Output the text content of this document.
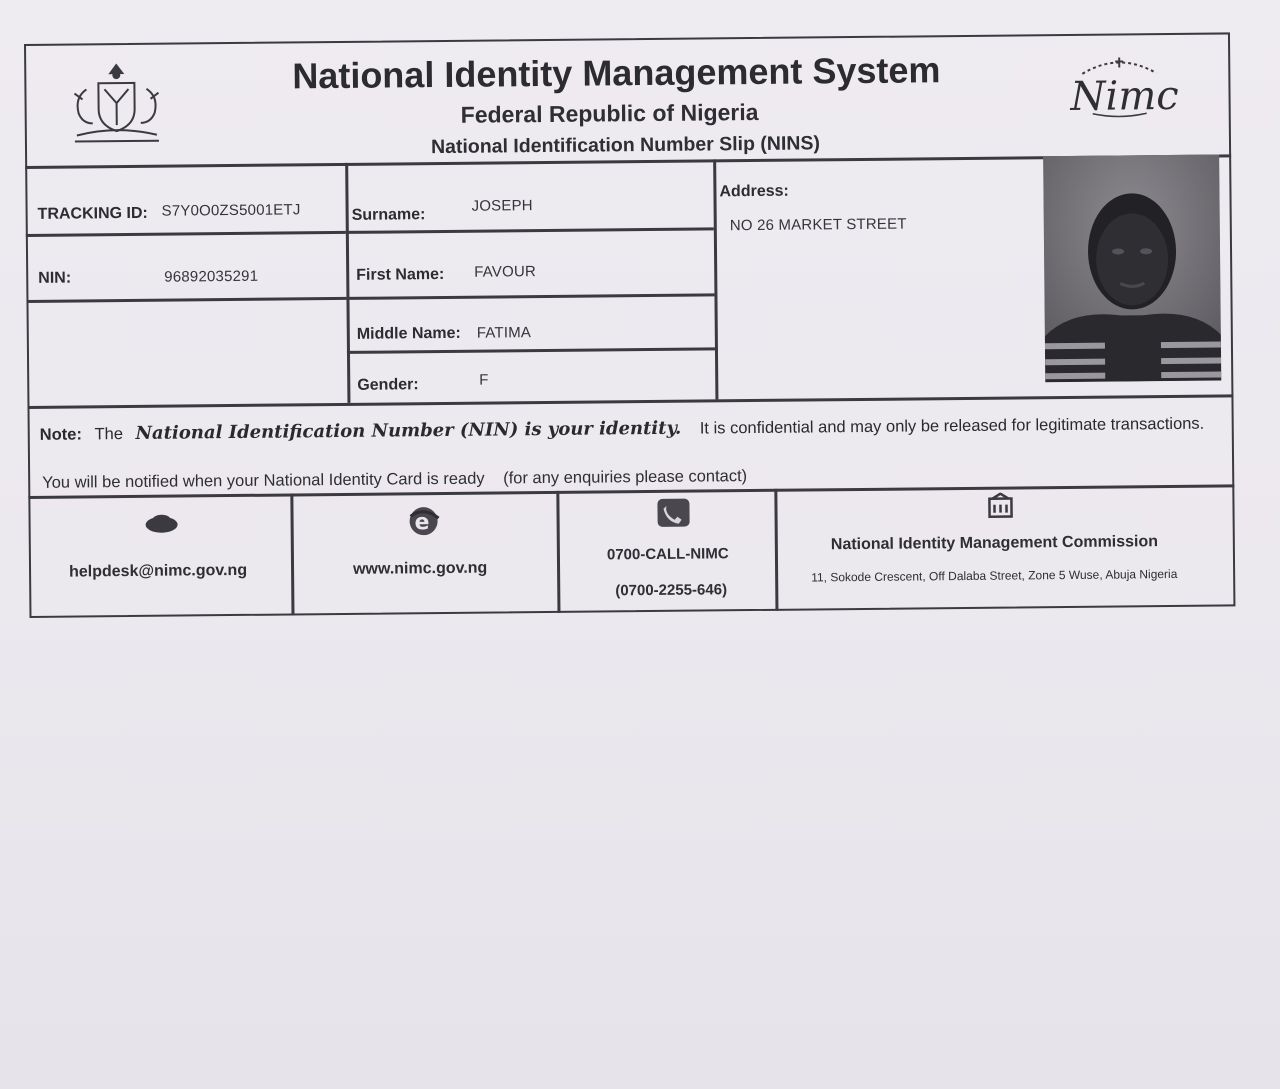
National Identity Management System
Federal Republic of Nigeria
National Identification Number Slip (NINS)
Nimc
TRACKING ID: S7Y0O0ZS5001ETJ
NIN:	96892035291
Surname:
JOSEPH
First Name: FAVOUR
Middle Name: FATIMA
Gender:	F
Address:
NO 26 MARKET STREET
Note: The National Identification Number (NIN) is your identity. It is confidential and may only be released for legitimate transactions.
You will be notified when your National Identity Card is ready (for any enquiries please contact)
helpdesk@nimc.gov.ng
e
www.nimc.gov.ng
0700-CALL-NIMC
(0700-2255-646)
National Identity Management Commission
11, Sokode Crescent, Off Dalaba Street, Zone 5 Wuse, Abuja Nigeria
